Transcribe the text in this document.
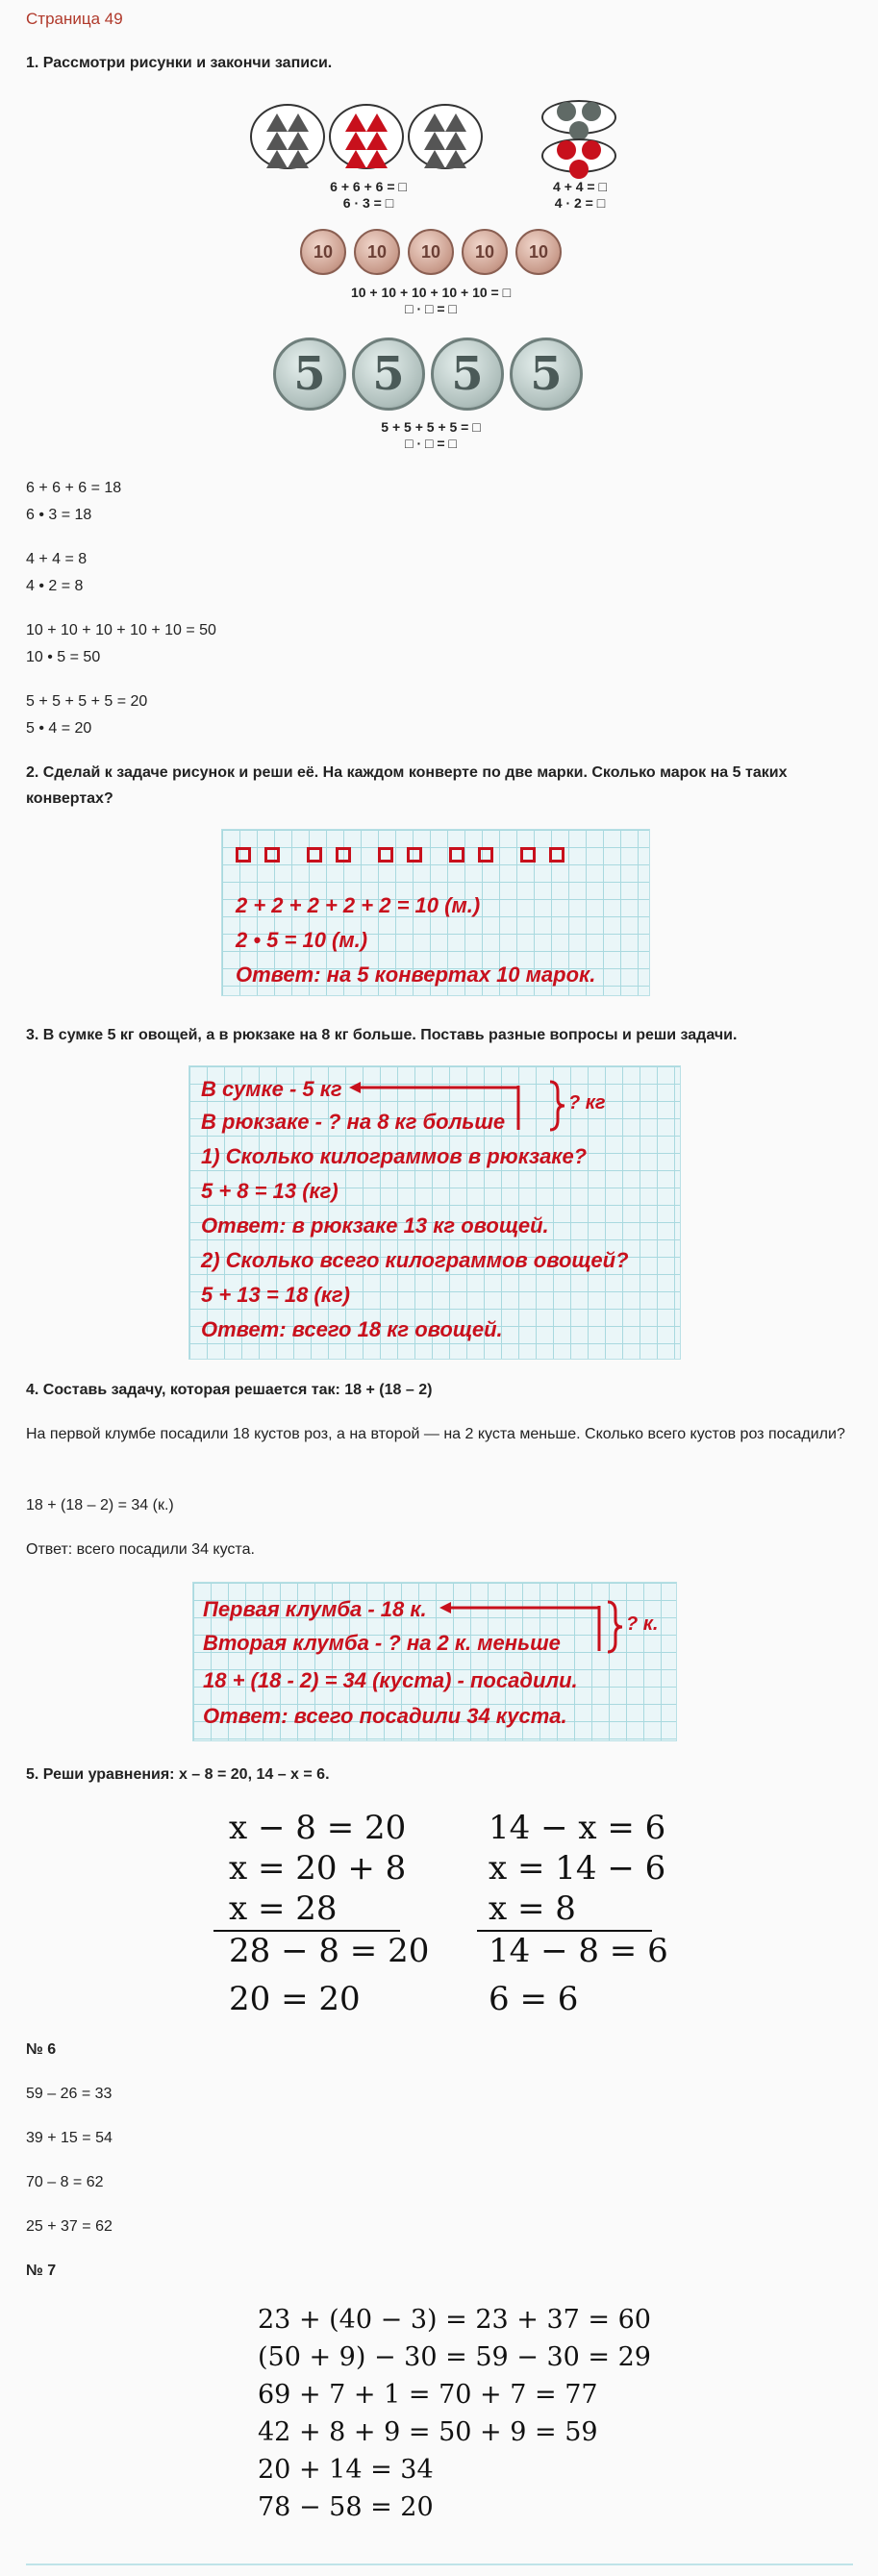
Страница 49
1. Рассмотри рисунки и закончи записи.
6 + 6 + 6 = □
6 · 3 = □
4 + 4 = □
4 · 2 = □
10	10	10	10	10
10 + 10 + 10 + 10 + 10 = □
□ · □ = □
5	5	5	5
5 + 5 + 5 + 5 = □
□ · □ = □
6 + 6 + 6 = 18
6 • 3 = 18
4 + 4 = 8
4 • 2 = 8
10 + 10 + 10 + 10 + 10 = 50
10 • 5 = 50
5 + 5 + 5 + 5 = 20
5 • 4 = 20
2. Сделай к задаче рисунок и реши её. На каждом конверте по две марки. Сколько марок на 5 таких конвертах?
2 + 2 + 2 + 2 + 2 = 10 (м.)
2 • 5 = 10 (м.)
Ответ: на 5 конвертах 10 марок.
3. В сумке 5 кг овощей, а в рюкзаке на 8 кг больше. Поставь разные вопросы и реши задачи.
В сумке - 5 кг
В рюкзаке - ? на 8 кг больше
? кг
1) Сколько килограммов в рюкзаке?
5 + 8 = 13 (кг)
Ответ: в рюкзаке 13 кг овощей.
2) Сколько всего килограммов овощей?
5 + 13 = 18 (кг)
Ответ: всего 18 кг овощей.
4. Составь задачу, которая решается так: 18 + (18 – 2)
На первой клумбе посадили 18 кустов роз, а на второй — на 2 куста меньше. Сколько всего кустов роз посадили?
18 + (18 – 2) = 34 (к.)
Ответ: всего посадили 34 куста.
Первая клумба - 18 к.
Вторая клумба - ? на 2 к. меньше
? к.
18 + (18 - 2) = 34 (куста) - посадили.
Ответ: всего посадили 34 куста.
5. Реши уравнения: x – 8 = 20, 14 – x = 6.
x − 8 = 20
x = 20 + 8
x = 28
28 − 8 = 20
20 = 20
14 − x = 6
x = 14 − 6
x = 8
14 − 8 = 6
6 = 6
№ 6
59 – 26 = 33
39 + 15 = 54
70 – 8 = 62
25 + 37 = 62
№ 7
23 + (40 − 3) = 23 + 37 = 60
(50 + 9) − 30 = 59 − 30 = 29
69 + 7 + 1 = 70 + 7 = 77
42 + 8 + 9 = 50 + 9 = 59
20 + 14 = 34
78 − 58 = 20
